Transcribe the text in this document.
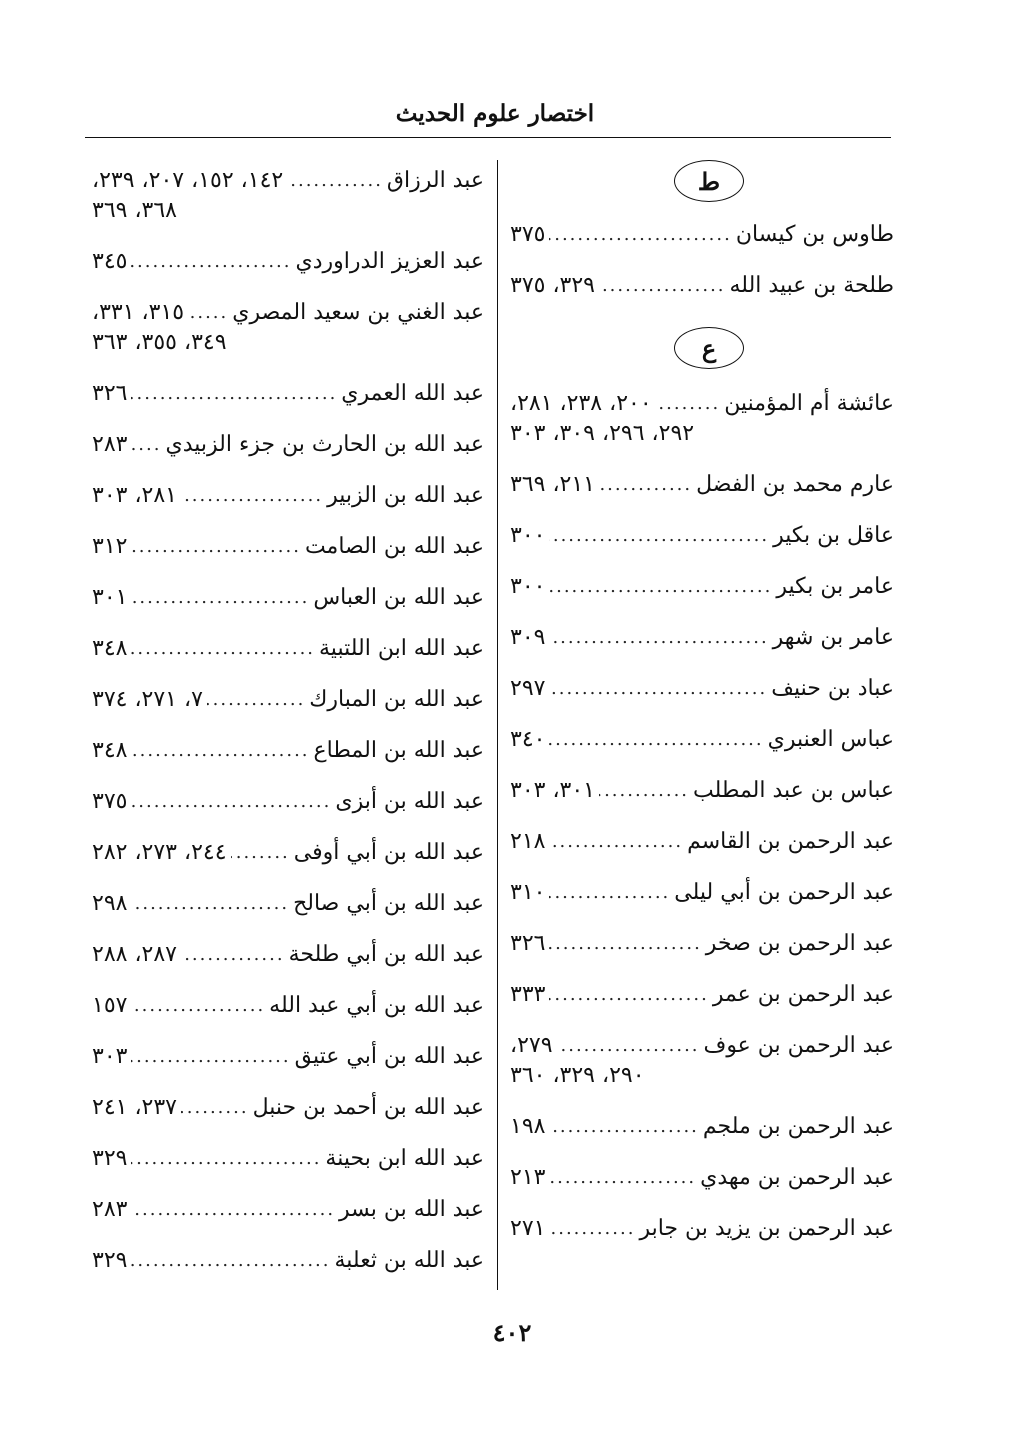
اختصار علوم الحديث
ط
طاوس بن كيسان
.....
٣٧٥
طلحة بن عبيد الله
.....
٣٢٩، ٣٧٥
ع
عائشة أم المؤمنين
.....
٢٠٠، ٢٣٨، ٢٨١،
٢٩٢، ٢٩٦، ٣٠٩، ٣٠٣
عارم محمد بن الفضل
.....
٢١١، ٣٦٩
عاقل بن بكير
.....
٣٠٠
عامر بن بكير
.....
٣٠٠
عامر بن شهر
.....
٣٠٩
عباد بن حنيف
.....
٢٩٧
عباس العنبري
.....
٣٤٠
عباس بن عبد المطلب
.....
٣٠١، ٣٠٣
عبد الرحمن بن القاسم
.....
٢١٨
عبد الرحمن بن أبي ليلى
.....
٣١٠
عبد الرحمن بن صخر
.....
٣٢٦
عبد الرحمن بن عمر
.....
٣٣٣
عبد الرحمن بن عوف
.....
٢٧٩،
٢٩٠، ٣٢٩، ٣٦٠
عبد الرحمن بن ملجم
.....
١٩٨
عبد الرحمن بن مهدي
.....
٢١٣
عبد الرحمن بن يزيد بن جابر
.....
٢٧١
عبد الرزاق
.....
١٤٢، ١٥٢، ٢٠٧، ٢٣٩،
٣٦٨، ٣٦٩
عبد العزيز الدراوردي
.....
٣٤٥
عبد الغني بن سعيد المصري
.....
٣١٥، ٣٣١،
٣٤٩، ٣٥٥، ٣٦٣
عبد الله العمري
.....
٣٢٦
عبد الله بن الحارث بن جزء الزبيدي
.....
٢٨٣
عبد الله بن الزبير
.....
٢٨١، ٣٠٣
عبد الله بن الصامت
.....
٣١٢
عبد الله بن العباس
.....
٣٠١
عبد الله ابن اللتبية
.....
٣٤٨
عبد الله بن المبارك
.....
٧، ٢٧١، ٣٧٤
عبد الله بن المطاع
.....
٣٤٨
عبد الله بن أبزى
.....
٣٧٥
عبد الله بن أبي أوفى
.....
٢٤٤، ٢٧٣، ٢٨٢
عبد الله بن أبي صالح
.....
٢٩٨
عبد الله بن أبي طلحة
.....
٢٨٧، ٢٨٨
عبد الله بن أبي عبد الله
.....
١٥٧
عبد الله بن أبي عتيق
.....
٣٠٣
عبد الله بن أحمد بن حنبل
.....
٢٣٧، ٢٤١
عبد الله ابن بحينة
.....
٣٢٩
عبد الله بن بسر
.....
٢٨٣
عبد الله بن ثعلبة
.....
٣٢٩
٤٠٢
